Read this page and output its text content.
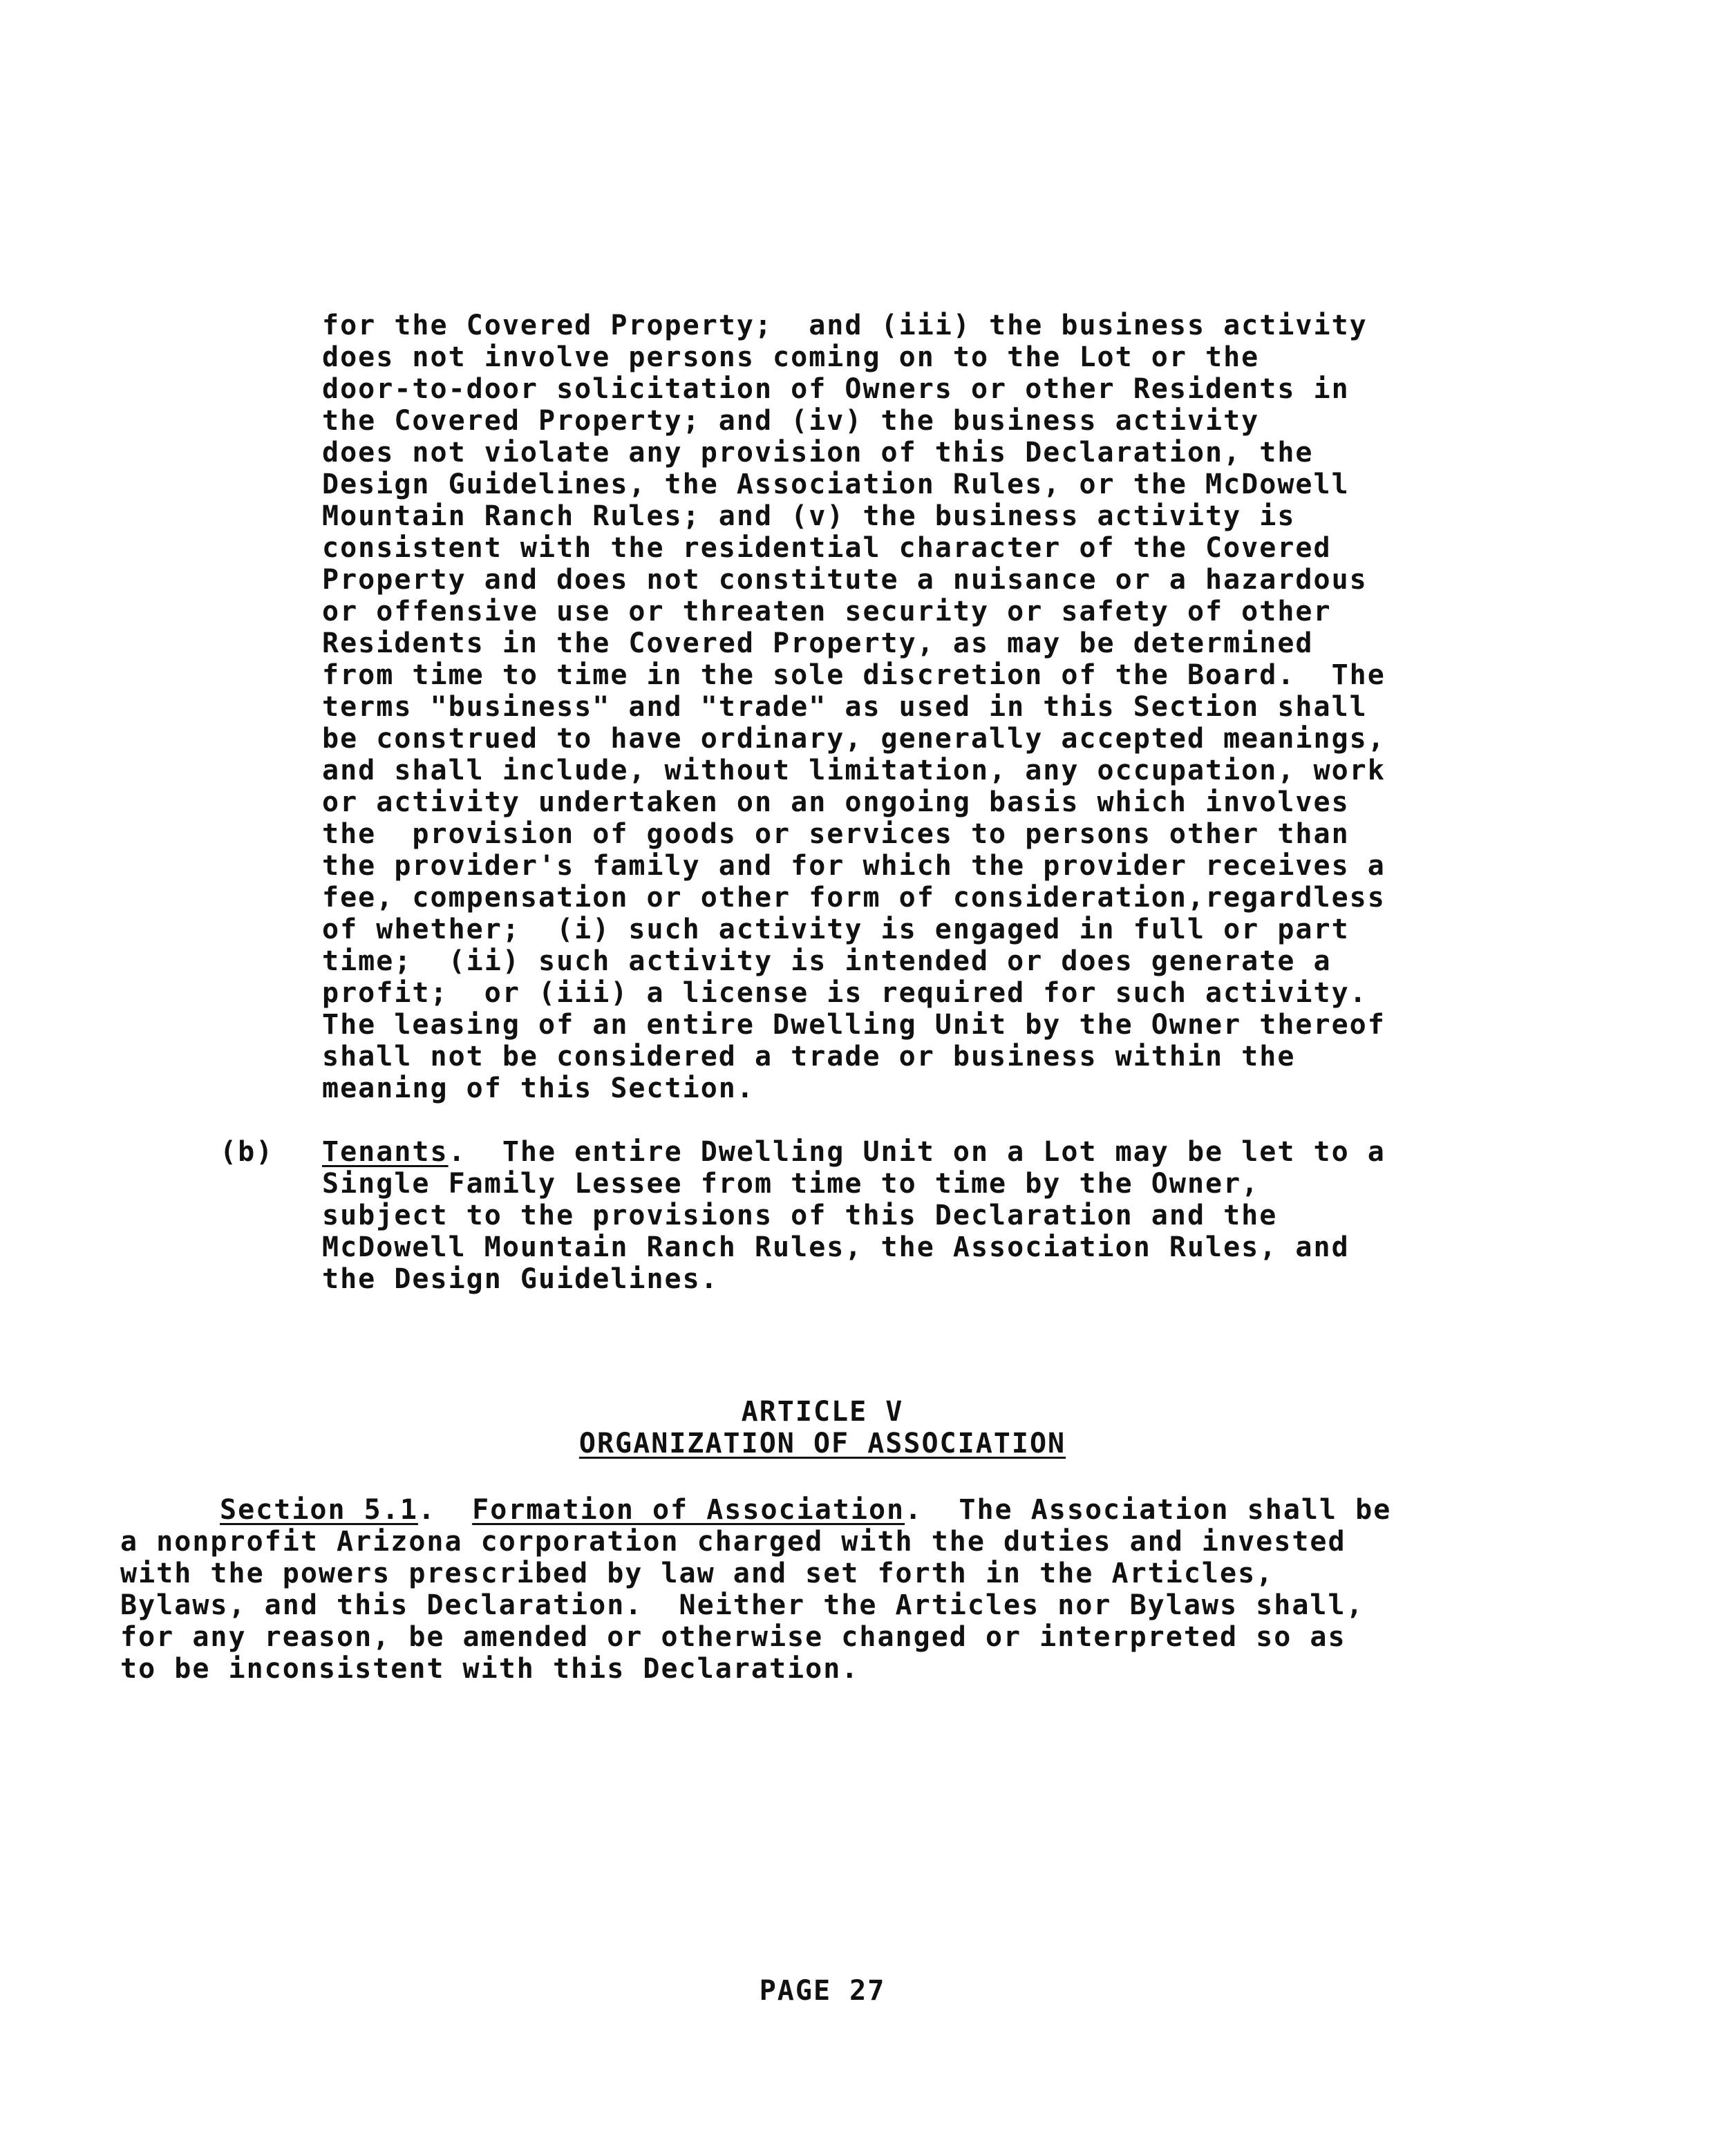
for the Covered Property;  and (iii) the business activity
does not involve persons coming on to the Lot or the
door-to-door solicitation of Owners or other Residents in
the Covered Property; and (iv) the business activity
does not violate any provision of this Declaration, the
Design Guidelines, the Association Rules, or the McDowell
Mountain Ranch Rules; and (v) the business activity is
consistent with the residential character of the Covered
Property and does not constitute a nuisance or a hazardous
or offensive use or threaten security or safety of other
Residents in the Covered Property, as may be determined
from time to time in the sole discretion of the Board.  The
terms "business" and "trade" as used in this Section shall
be construed to have ordinary, generally accepted meanings,
and shall include, without limitation, any occupation, work
or activity undertaken on an ongoing basis which involves
the  provision of goods or services to persons other than
the provider's family and for which the provider receives a
fee, compensation or other form of consideration,regardless
of whether;  (i) such activity is engaged in full or part
time;  (ii) such activity is intended or does generate a
profit;  or (iii) a license is required for such activity.
The leasing of an entire Dwelling Unit by the Owner thereof
shall not be considered a trade or business within the
meaning of this Section.
(b) Tenants.  The entire Dwelling Unit on a Lot may be let to a
Single Family Lessee from time to time by the Owner,
subject to the provisions of this Declaration and the
McDowell Mountain Ranch Rules, the Association Rules, and
the Design Guidelines.
ARTICLE V
ORGANIZATION OF ASSOCIATION
Section 5.1.  Formation of Association.  The Association shall be
a nonprofit Arizona corporation charged with the duties and invested
with the powers prescribed by law and set forth in the Articles,
Bylaws, and this Declaration.  Neither the Articles nor Bylaws shall,
for any reason, be amended or otherwise changed or interpreted so as
to be inconsistent with this Declaration.
PAGE 27
